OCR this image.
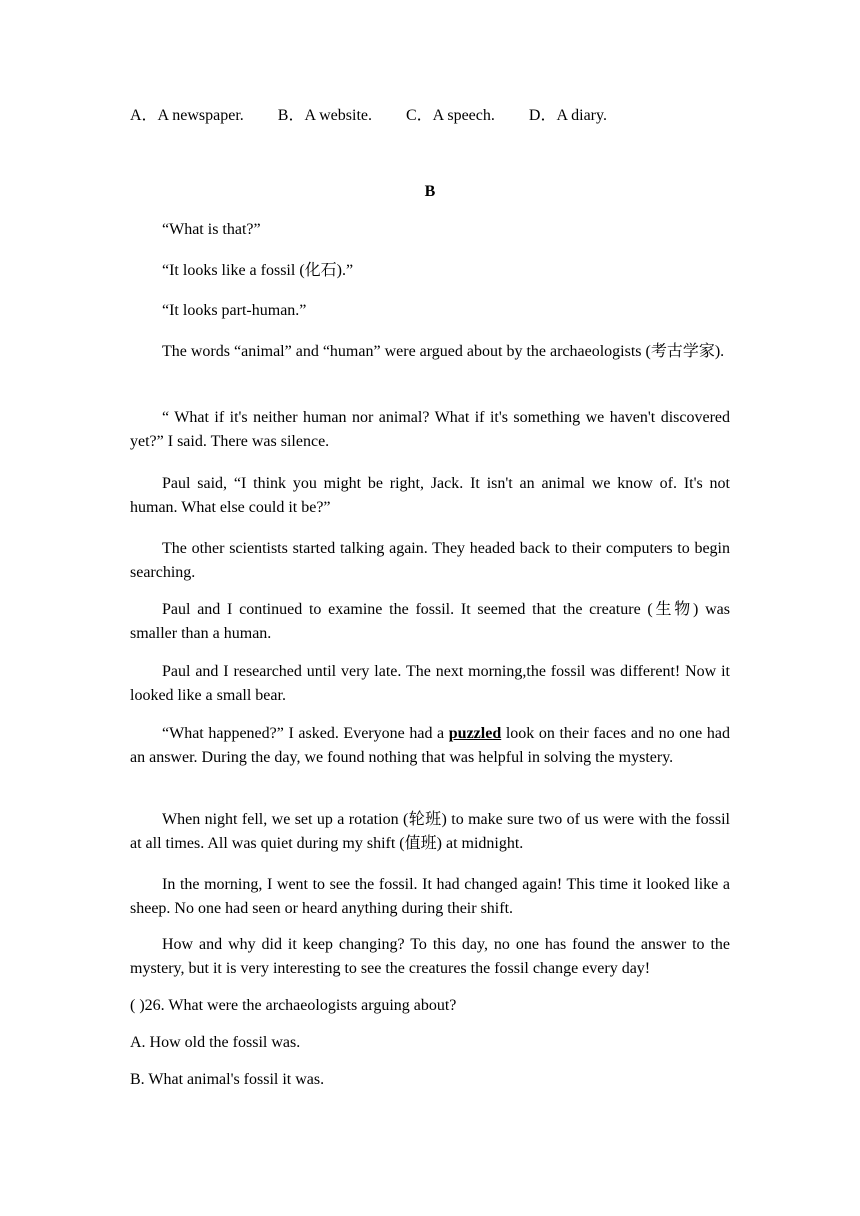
A．A newspaper. B．A website. C．A speech. D．A diary.
B

“What is that?”

“It looks like a fossil (化石).”

“It looks part-human.”

The words “animal” and “human” were argued about by the archaeologists (考古学家).

“ What if it's neither human nor animal? What if it's something we haven't discovered yet?” I said. There was silence.

Paul said, “I think you might be right, Jack. It isn't an animal we know of. It's not human. What else could it be?”

The other scientists started talking again. They headed back to their computers to begin searching.

Paul and I continued to examine the fossil. It seemed that the creature (生物) was smaller than a human.

Paul and I researched until very late. The next morning,the fossil was different! Now it looked like a small bear.

“What happened?” I asked. Everyone had a puzzled look on their faces and no one had an answer. During the day, we found nothing that was helpful in solving the mystery.

When night fell, we set up a rotation (轮班) to make sure two of us were with the fossil at all times. All was quiet during my shift (值班) at midnight.

In the morning, I went to see the fossil. It had changed again! This time it looked like a sheep. No one had seen or heard anything during their shift.

How and why did it keep changing? To this day, no one has found the answer to the mystery, but it is very interesting to see the creatures the fossil change every day!

( )26. What were the archaeologists arguing about?

A. How old the fossil was.

B. What animal's fossil it was.
